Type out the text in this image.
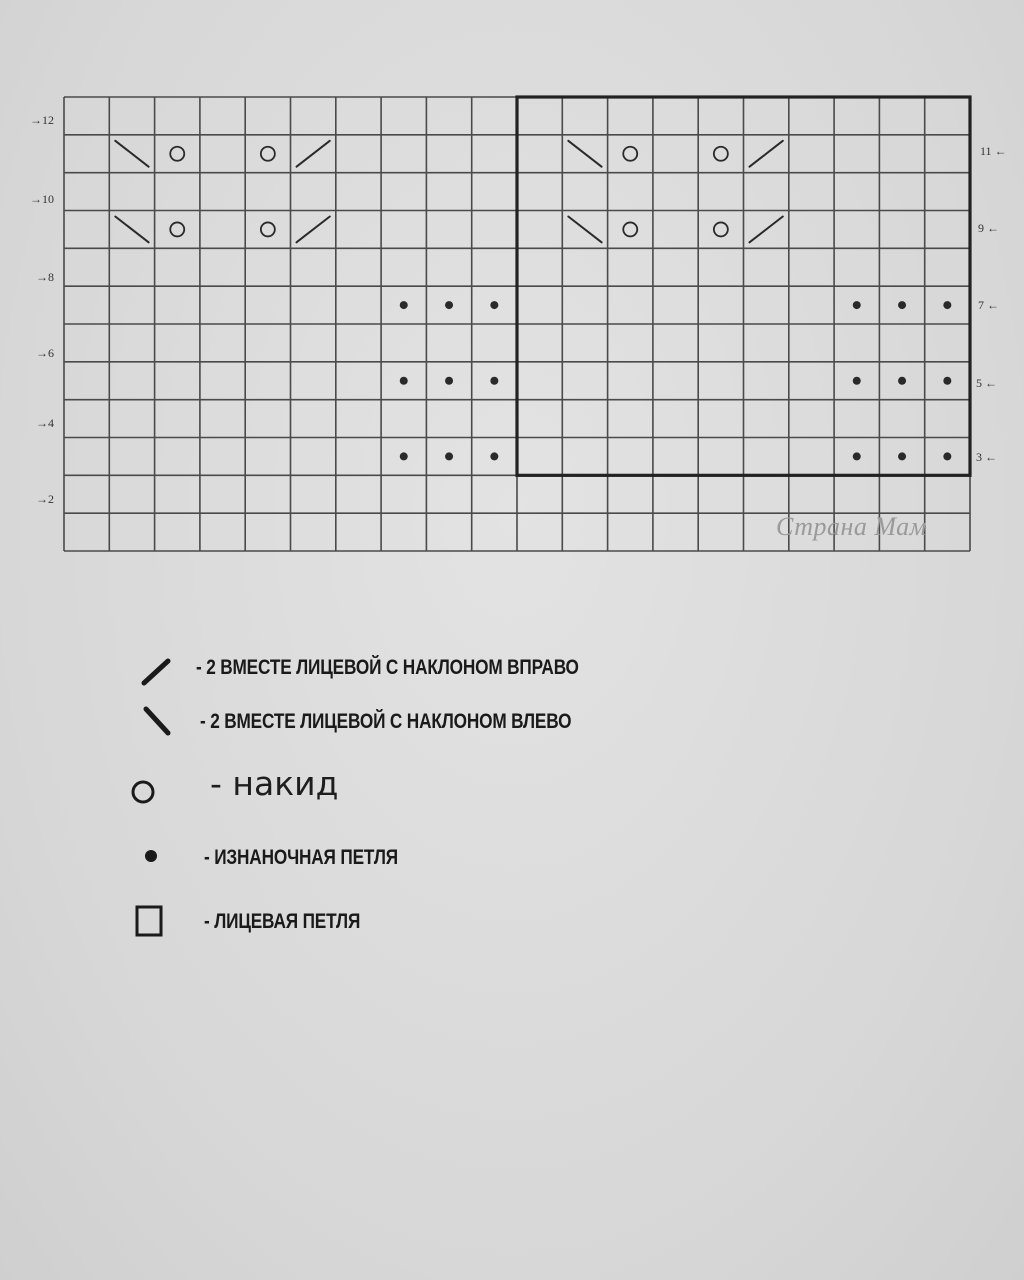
→12
→10
→8
→6
→4
→2
11 ←
9 ←
7 ←
5 ←
3 ←
Страна Мам
- 2 ВМЕСТЕ ЛИЦЕВОЙ С НАКЛОНОМ ВПРАВО
- 2 ВМЕСТЕ ЛИЦЕВОЙ С НАКЛОНОМ ВЛЕВО
- накид
- ИЗНАНОЧНАЯ ПЕТЛЯ
- ЛИЦЕВАЯ ПЕТЛЯ
